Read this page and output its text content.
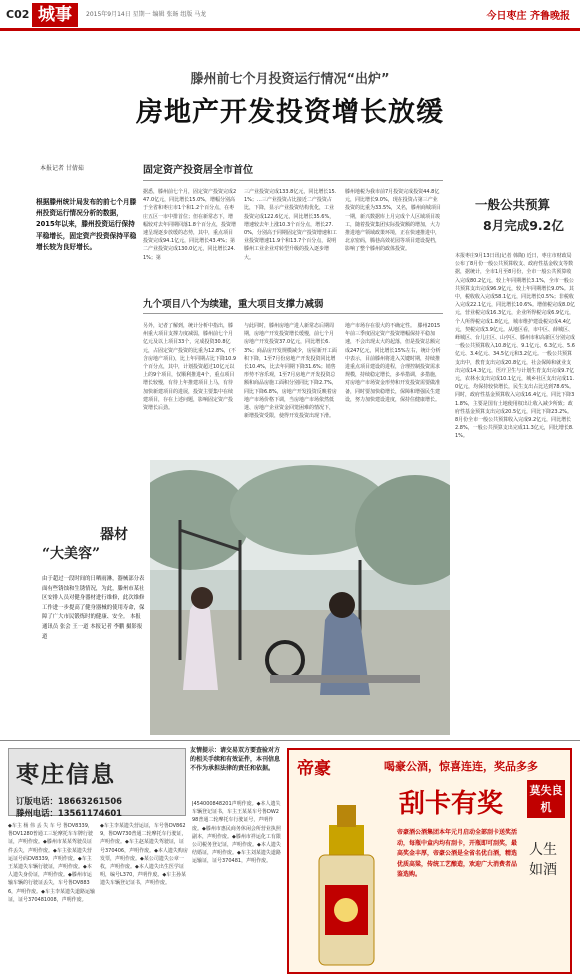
C02 城事	2015年9月14日 星期一 编辑 张旸 组版 马龙	今日枣庄 齐鲁晚报
滕州前七个月投资运行情况“出炉”
房地产开发投资增长放缓
本报记者 甘倩茹	固定资产投资居全市首位
根据滕州统计局发布的前七个月滕州投资运行情况分析的数据，2015年以来，滕州投资运行保持平稳增长，固定资产投资保持平稳增长较为良好增长。
据悉，滕州前七个月，固定资产投资完成247.0亿元，同比增长15.0%，增幅分别高于全省和枣庄市1个和1.2个百分点，在枣庄五区一市中排首位；但在新常态下，增幅较对去年同期回落1.8个百分点，投资增速呈现逐步放缓的态势，其中，重点项目投资完成94.1亿元，同比增长43.4%；第二产业投资完成130.0亿元，同比增长24.1%；第
三产业投资完成133.8亿元，同比增长15.1%；…三产业投资占比接近二产投资占比，下降，显示产业投资结构优化，工业投资完成122.6亿元，同比增长35.6%，增速较去年上涨10.3个百分点，增长27.0%，分别高于同期固定资产投资增速和工业投资增速11.9个和13.7个百分点，说明滕州工业企业对转型升级的投入逐步增大。
滕州地税为我市前7月投资完成投资44.8亿元，同比增长9.0%，现在投资占第三产业投资的比重为33.5%，又名，滕州商城项目一期，新兴数据库上月完成个人区域项目竣工，随着投资集团实际投资额的增加，大力推进地产领域政策环境，正在快速推进中，北京密码，腾巷高效花园等项目建设提档，影响了整个滕州的政体投资。
九个项目八个为续建，重大项目支撑力减弱
另外，记者了解到，统计分析中指出，滕州重大项目支撑力度减弱，滕州前七个月亿元及以上项目33个，完成投资30.8亿元，占固定资产投资的比重为12.8%，(不含房地产项目)，比上年同期占比下降10.9个百分点，其中，计划投资超过10亿元以上的9个项目，仅顺利推进4个，重点项目增长较慢，有待上年推建项目上马，有待加快新建项目的进展，投资主要集中在续建项目，存在上述问题，影响固定资产投资增长后劲。
与此同时，滕州房地产进人新常态后期周期，房地产开发投资增长缓慢，前七个月房地产开发投资37.0亿元，同比增长6.3%；商品房开发规模减少，房屋新开工面积下降，1至7月份房地产开发投资同比增长10.4%，比去年同期下降31.6%；销售形势不容乐观，1至7月房地产开发投资总额和商品房施工面积分别同比下降2.7%，同比下降6.8%，房地产开发投资反映着房地产市场价格下调，当房地产市场依然低迷、房地产企业资金回笼困难的情况下，新增投资受限，使得开发投资出现下滑。
地产市场存在很大的不确定性。　滕州2015年前三季度固定资产投资增幅保持平稳加速，不会出现太大的起落，但是投资总额完成247亿元，同比增长15%左右，统计分析中表示，目前滕州将进入关键时期，持续推进重点项目建设的进程，合理控制投资需求规模，持续稳定增长，多举措调，多措施，对房地产市场资金形势和开发投资需要做准备，同时要加快稳增长，保障和增强民生建设，努力加快建设进度，保持住健康增长。
一般公共预算
8月完成9.2亿
本报枣庄9月13日讯(记者 韩陶) 近日，枣庄市财政局公布了8月份一般公共预算收支、政府性基金收支等数据，据统计，全市1月至8月份，全市一般公共预算收入完成80.2亿元，较上年同期增长3.1%，全市一般公共预算支出完成96.9亿元，较上年同期增长9.0%。其中，税收收入完成58.1亿元，同比增长0.5%；非税收入完成22.1亿元，同比增长10.6%。增值税完成8.0亿元，营业税完成16.3亿元，企业所得税完成6.9亿元，个人所得税完成1.8亿元，城市维护建设税完成4.4亿元，契税完成3.9亿元。从地区看，市中区、薛城区、峄城区、台儿庄区、山亭区、滕州市和高新区分别完成一般公共预算收入10.8亿元、9.1亿元、6.3亿元、5.6亿元、3.4亿元、34.5亿元和3.2亿元。一般公共预算支出中，教育支出完成20.8亿元，社会保障和就业支出完成14.3亿元，医疗卫生与计划生育支出完成9.7亿元，农林水支出完成10.1亿元，城乡社区支出完成11.0亿元，均保持较快增长，民生支出占比达到78.6%。同时，政府性基金预算收入完成16.4亿元，同比下降31.8%，主要是国有土地使用权出让收入减少所致；政府性基金预算支出完成20.5亿元，同比下降23.2%。8月份全市一般公共预算收入完成9.2亿元，同比增长2.8%，一般公共预算支出完成11.3亿元，同比增长8.1%。
器材
“大美容”
由于超过一段时间的日晒雨淋，器械部分表面有些锈蚀和生锈情况，为此，滕州市某社区安排人员对健身器材进行维修，此次维修工作进一步提高了健身器械的使用寿命，保障了广大市民锻炼时的健康、安全。 本报通讯员 张会 王一道 本报记者 李鹏 摄影报道
枣庄信息
订版电话：18663261506
滕州电话：13561174601
友情提示：请交易双方要查验对方的相关手续和有效证件，本刊信息不作为承担法律的责任和依据。
◆车主 杨 伟 丢 失 车 号 鲁DV8339，鲁DV1280普通工三轮摩托车车牌行驶证，声明作废。◆滕州市某某驾驶员证件丢失，声明作废。◆车主张某遗失营运证号码DV8339，声明作废。◆车主王某遗失车辆行驶证，声明作废。◆本人遗失身份证，声明作废。◆滕州市运输车辆的行驶证丢失，车号鲁DV8836，声明作废。◆车主李某遗失道路运输证，证号370481008，声明作废。
◆车主李某遗失营运证，车号鲁DV8629，鲁DW730普通二轮摩托车行驶证，声明作废。◆车主赵某遗失驾驶证，证号370406，声明作废。◆本人遗失购房发票，声明作废。◆某公司遗失公章一枚，声明作废。◆本人遗失出生医学证明，编号L370，声明作废。◆车主孙某遗失车辆登记证书，声明作废。
J454000848201声明作废。◆本人遗失车辆登记证书，车主王某某车号鲁DW298普通二轮摩托车行驶证号，声明作废。◆滕州市惠民商务休闲会所营业执照副本，声明作废。◆滕州市祥运化工有限公司税务登记证，声明作废。◆本人遗失结婚证，声明作废。◆车主刘某遗失道路运输证，证号370481，声明作废。
帝豪	喝豪公酒，惊喜连连，奖品多多
刮卡有奖 莫失良机
帝豪酒公酒集团本年元月启动全部刮卡送奖活动，每瓶中盒内均有刮卡，开瓶即可刮奖，最高奖金丰厚，帝豪公酒是全省名优白酒，精选优质高粱，传统工艺酿造，欢迎广大消费者品鉴选购。
人生如酒
